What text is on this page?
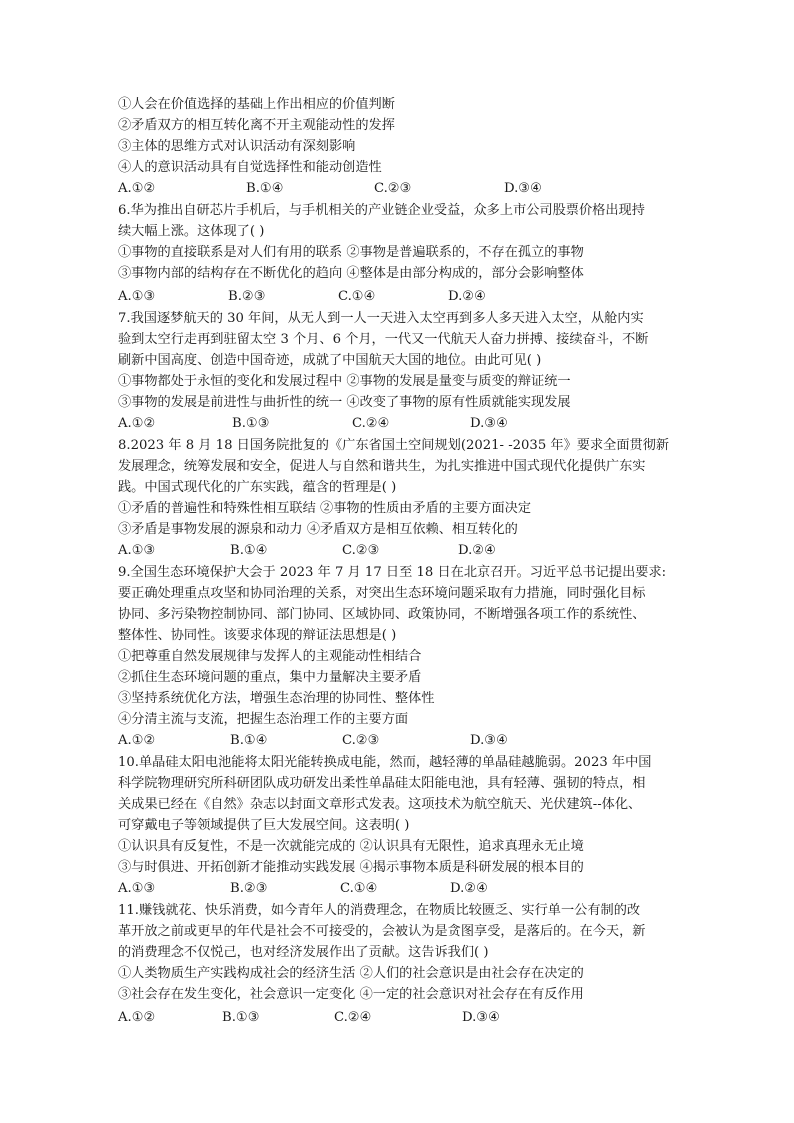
①人会在价值选择的基础上作出相应的价值判断
②矛盾双方的相互转化离不开主观能动性的发挥
③主体的思维方式对认识活动有深刻影响
④人的意识活动具有自觉选择性和能动创造性
A.①②	B.①④	C.②③	D.③④
6.华为推出自研芯片手机后，与手机相关的产业链企业受益，众多上市公司股票价格出现持
续大幅上涨。这体现了( )
①事物的直接联系是对人们有用的联系 ②事物是普遍联系的，不存在孤立的事物
③事物内部的结构存在不断优化的趋向 ④整体是由部分构成的，部分会影响整体
A.①③	B.②③	C.①④	D.②④
7.我国逐梦航天的 30 年间，从无人到一人一天进入太空再到多人多天进入太空，从舱内实
验到太空行走再到驻留太空 3 个月、6 个月，一代又一代航天人奋力拼搏、接续奋斗，不断
刷新中国高度、创造中国奇迹，成就了中国航天大国的地位。由此可见( )
①事物都处于永恒的变化和发展过程中 ②事物的发展是量变与质变的辩证统一
③事物的发展是前进性与曲折性的统一 ④改变了事物的原有性质就能实现发展
A.①②	B.①③	C.②④	D.③④
8.2023 年 8 月 18 日国务院批复的《广东省国土空间规划(2021- -2035 年》要求全面贯彻新
发展理念，统筹发展和安全，促进人与自然和谐共生，为扎实推进中国式现代化提供广东实
践。中国式现代化的广东实践，蕴含的哲理是( )
①矛盾的普遍性和特殊性相互联结 ②事物的性质由矛盾的主要方面决定
③矛盾是事物发展的源泉和动力 ④矛盾双方是相互依赖、相互转化的
A.①③	B.①④	C.②③	D.②④
9.全国生态环境保护大会于 2023 年 7 月 17 日至 18 日在北京召开。习近平总书记提出要求:
要正确处理重点攻坚和协同治理的关系，对突出生态环境问题采取有力措施，同时强化目标
协同、多污染物控制协同、部门协同、区域协同、政策协同，不断增强各项工作的系统性、
整体性、协同性。该要求体现的辩证法思想是( )
①把尊重自然发展规律与发挥人的主观能动性相结合
②抓住生态环境问题的重点，集中力量解决主要矛盾
③坚持系统优化方法，增强生态治理的协同性、整体性
④分清主流与支流，把握生态治理工作的主要方面
A.①②	B.①④	C.②③	D.③④
10.单晶硅太阳电池能将太阳光能转换成电能，然而，越轻薄的单晶硅越脆弱。2023 年中国
科学院物理研究所科研团队成功研发出柔性单晶硅太阳能电池，具有轻薄、强韧的特点，相
关成果已经在《自然》杂志以封面文章形式发表。这项技术为航空航天、光伏建筑--体化、
可穿戴电子等领域提供了巨大发展空间。这表明( )
①认识具有反复性，不是一次就能完成的 ②认识具有无限性，追求真理永无止境
③与时俱进、开拓创新才能推动实践发展 ④揭示事物本质是科研发展的根本目的
A.①③	B.②③	C.①④	D.②④
11.赚钱就花、快乐消费，如今青年人的消费理念，在物质比较匮乏、实行单一公有制的改
革开放之前或更早的年代是社会不可接受的，会被认为是贪图享受，是落后的。在今天，新
的消费理念不仅悦己，也对经济发展作出了贡献。这告诉我们( )
①人类物质生产实践构成社会的经济生活 ②人们的社会意识是由社会存在决定的
③社会存在发生变化，社会意识一定变化 ④一定的社会意识对社会存在有反作用
A.①②	B.①③	C.②④	D.③④
